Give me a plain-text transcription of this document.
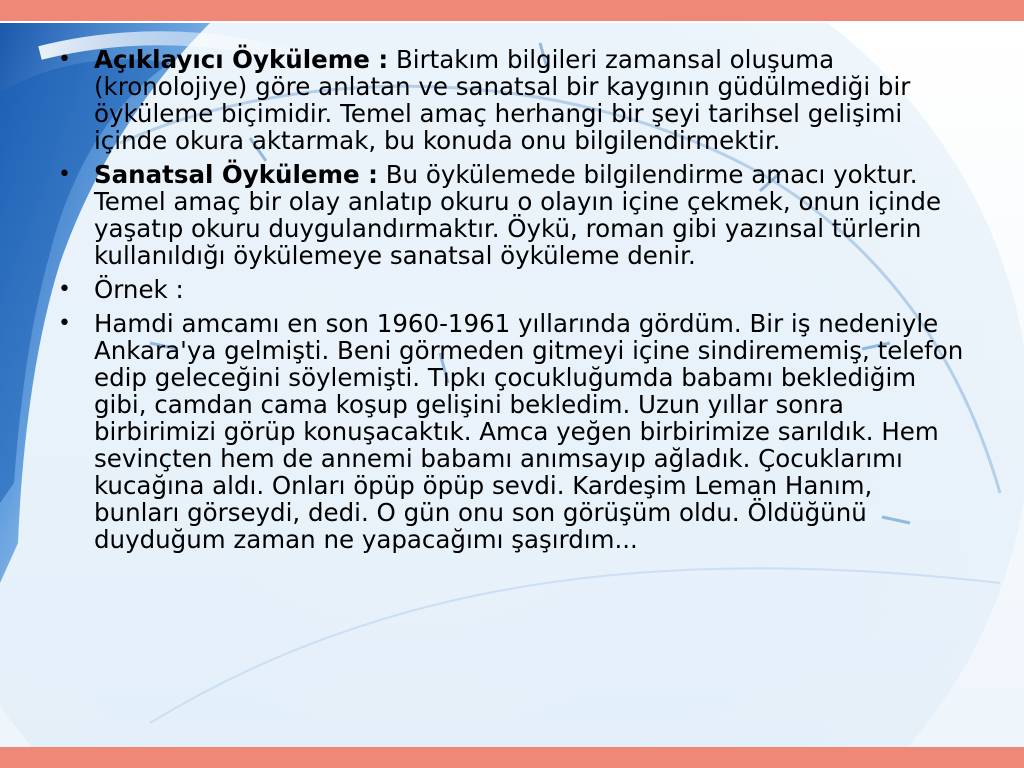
• Açıklayıcı Öyküleme : Birtakım bilgileri zamansal oluşuma (kronolojiye) göre anlatan ve sanatsal bir kaygının güdülmediği bir öyküleme biçimidir. Temel amaç herhangi bir şeyi tarihsel gelişimi içinde okura aktarmak, bu konuda onu bilgilendirmektir.
• Sanatsal Öyküleme : Bu öykülemede bilgilendirme amacı yoktur. Temel amaç bir olay anlatıp okuru o olayın içine çekmek, onun içinde yaşatıp okuru duygulandırmaktır. Öykü, roman gibi yazınsal türlerin kullanıldığı öykülemeye sanatsal öyküleme denir.
• Örnek :
• Hamdi amcamı en son 1960-1961 yıllarında gördüm. Bir iş nedeniyle Ankara'ya gelmişti. Beni görmeden gitmeyi içine sindirememiş, telefon edip geleceğini söylemişti. Tıpkı çocukluğumda babamı beklediğim gibi, camdan cama koşup gelişini bekledim. Uzun yıllar sonra birbirimizi görüp konuşacaktık. Amca yeğen birbirimize sarıldık. Hem sevinçten hem de annemi babamı anımsayıp ağladık. Çocuklarımı kucağına aldı. Onları öpüp öpüp sevdi. Kardeşim Leman Hanım, bunları görseydi, dedi. O gün onu son görüşüm oldu. Öldüğünü duyduğum zaman ne yapacağımı şaşırdım...
